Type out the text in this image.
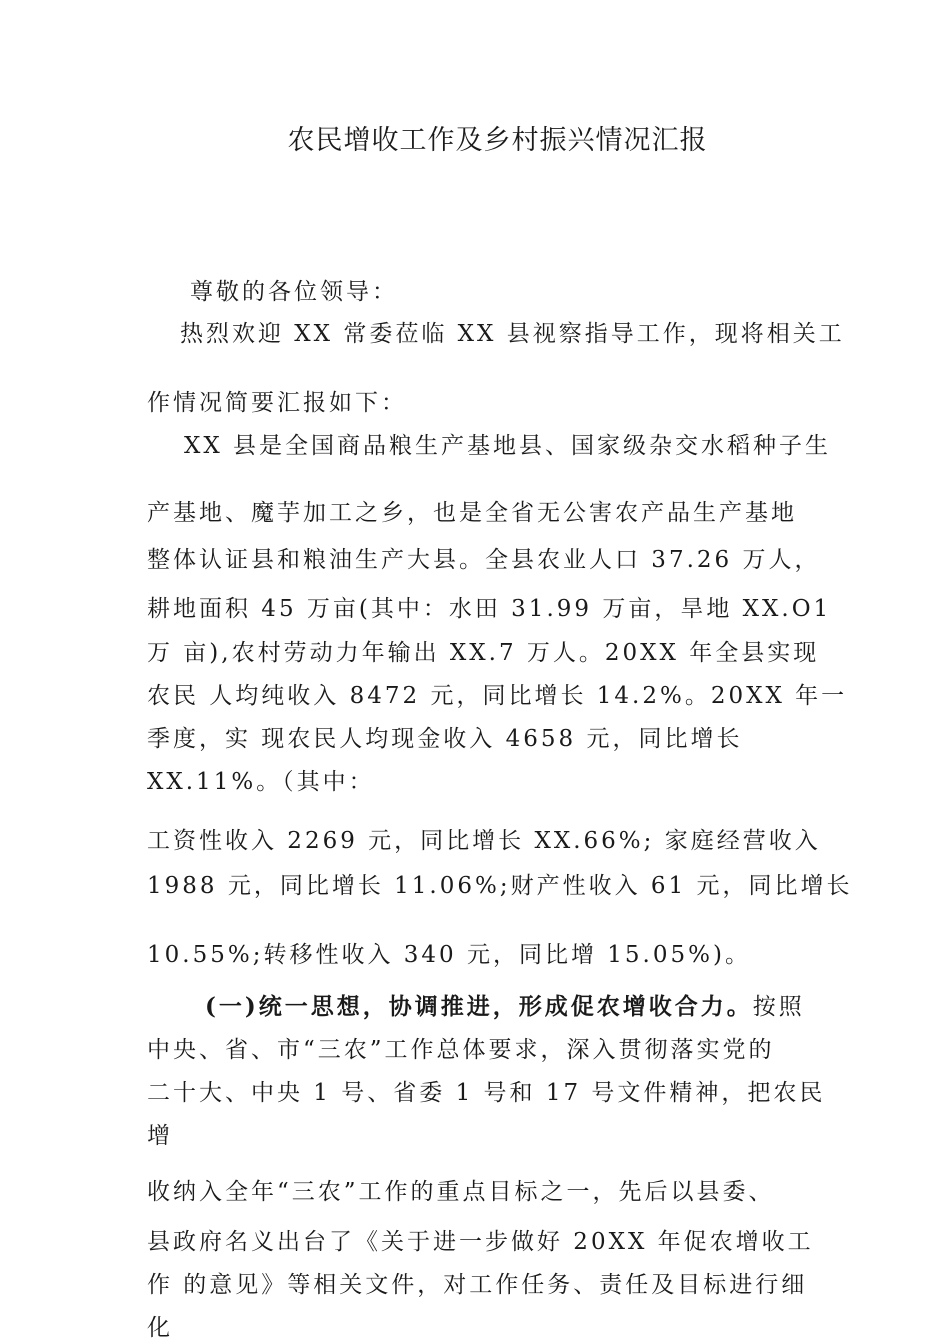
农民增收工作及乡村振兴情况汇报
尊敬的各位领导：
热烈欢迎 XX 常委莅临 XX 县视察指导工作，现将相关工
作情况简要汇报如下：
XX 县是全国商品粮生产基地县、国家级杂交水稻种子生
产基地、魔芋加工之乡，也是全省无公害农产品生产基地
整体认证县和粮油生产大县。全县农业人口 37.26 万人，
耕地面积 45 万亩(其中：水田 31.99 万亩，旱地 XX.O1
万 亩),农村劳动力年输出 XX.7 万人。20XX 年全县实现
农民 人均纯收入 8472 元，同比增长 14.2%。20XX 年一
季度，实 现农民人均现金收入 4658 元，同比增长
XX.11%。（其中：
工资性收入 2269 元，同比增长 XX.66%; 家庭经营收入
1988 元，同比增长 11.06%;财产性收入 61 元，同比增长
10.55%;转移性收入 340 元，同比增 15.05%)。
(一)统一思想，协调推进，形成促农增收合力。按照
中央、省、市“三农”工作总体要求，深入贯彻落实党的
二十大、中央 1 号、省委 1 号和 17 号文件精神，把农民
增
收纳入全年“三农”工作的重点目标之一，先后以县委、
县政府名义出台了《关于进一步做好 20XX 年促农增收工
作 的意见》等相关文件，对工作任务、责任及目标进行细
化
